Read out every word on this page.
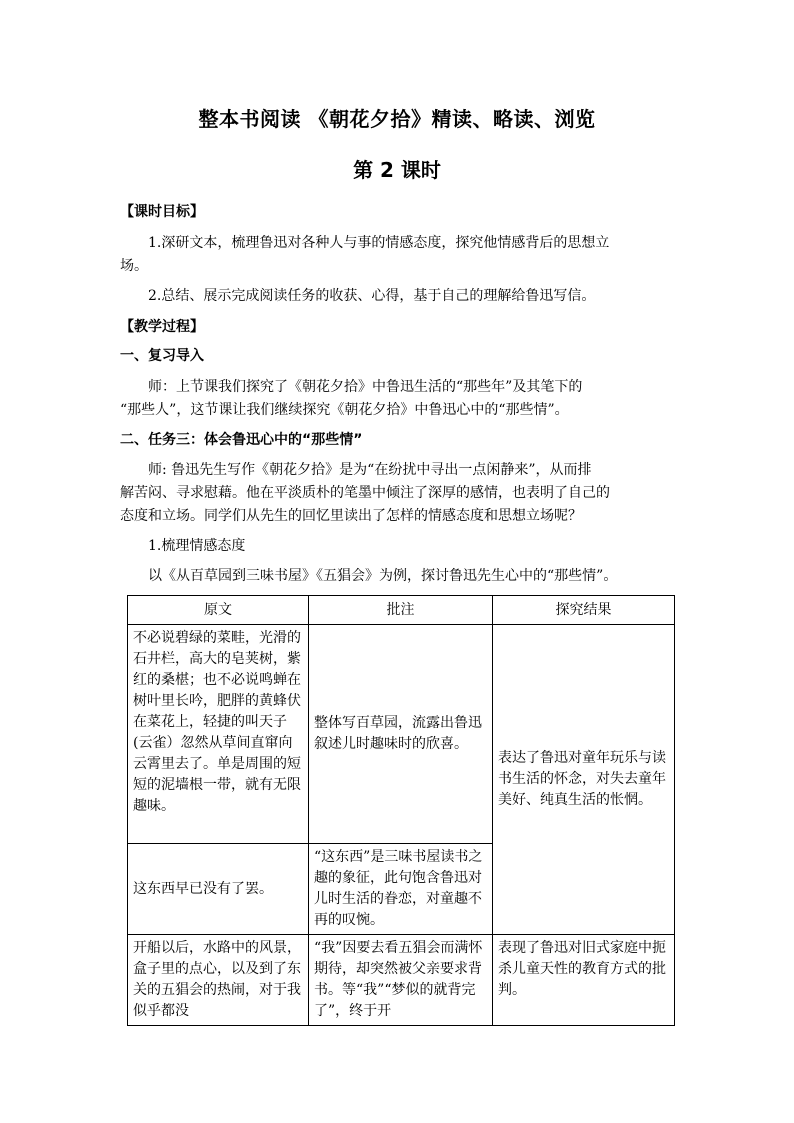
整本书阅读 《朝花夕拾》精读、略读、浏览
第 2 课时
【课时目标】
1.深研文本，梳理鲁迅对各种人与事的情感态度，探究他情感背后的思想立
场。
2.总结、展示完成阅读任务的收获、心得，基于自己的理解给鲁迅写信。
【教学过程】
一、复习导入
师：上节课我们探究了《朝花夕拾》中鲁迅生活的“那些年”及其笔下的
“那些人”，这节课让我们继续探究《朝花夕拾》中鲁迅心中的“那些情”。
二、任务三：体会鲁迅心中的“那些情”
师: 鲁迅先生写作《朝花夕拾》是为“在纷扰中寻出一点闲静来”，从而排
解苦闷、寻求慰藉。他在平淡质朴的笔墨中倾注了深厚的感情，也表明了自己的
态度和立场。同学们从先生的回忆里读出了怎样的情感态度和思想立场呢？
1.梳理情感态度
以《从百草园到三味书屋》《五猖会》为例，探讨鲁迅先生心中的“那些情”。
原文	批注	探究结果
不必说碧绿的菜畦，光滑的石井栏，高大的皂荚树，紫红的桑椹；也不必说鸣蝉在树叶里长吟，肥胖的黄蜂伏在菜花上，轻捷的叫天子(云雀）忽然从草间直窜向云霄里去了。单是周围的短短的泥墙根一带，就有无限趣味。	整体写百草园，流露出鲁迅叙述儿时趣味时的欣喜。	表达了鲁迅对童年玩乐与读书生活的怀念，对失去童年美好、纯真生活的怅惘。
这东西早已没有了罢。	“这东西”是三味书屋读书之趣的象征，此句饱含鲁迅对儿时生活的眷恋，对童趣不再的叹惋。	
开船以后，水路中的风景，盒子里的点心，以及到了东关的五猖会的热闹，对于我似乎都没	“我”因要去看五猖会而满怀期待，却突然被父亲要求背书。等“我”“梦似的就背完了”，终于开	表现了鲁迅对旧式家庭中扼杀儿童天性的教育方式的批判。
